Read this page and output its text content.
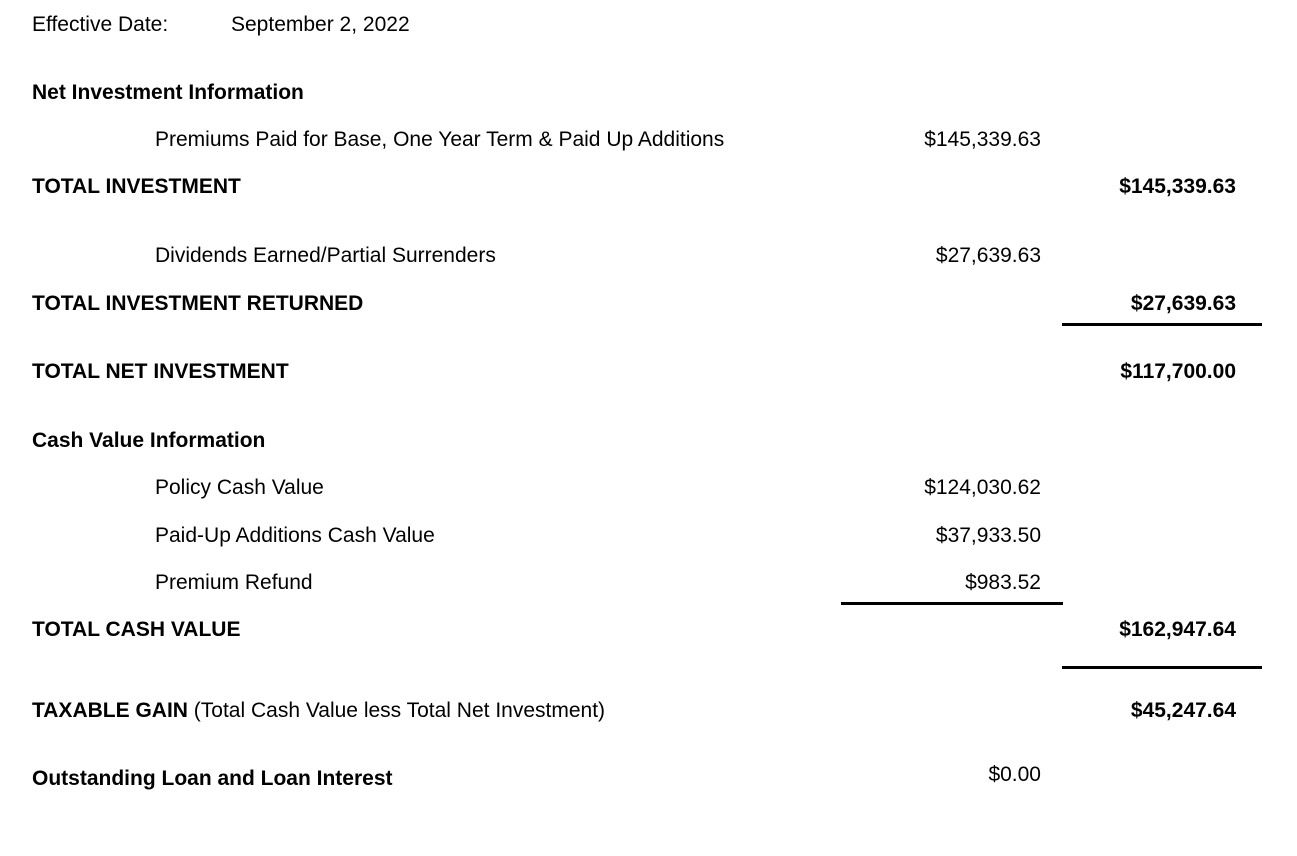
Effective Date:	September 2, 2022
Net Investment Information
Premiums Paid for Base, One Year Term & Paid Up Additions	$145,339.63
TOTAL INVESTMENT	$145,339.63
Dividends Earned/Partial Surrenders	$27,639.63
TOTAL INVESTMENT RETURNED	$27,639.63
TOTAL NET INVESTMENT	$117,700.00
Cash Value Information
Policy Cash Value	$124,030.62
Paid-Up Additions Cash Value	$37,933.50
Premium Refund	$983.52
TOTAL CASH VALUE	$162,947.64
TAXABLE GAIN (Total Cash Value less Total Net Investment)	$45,247.64
Outstanding Loan and Loan Interest	$0.00
